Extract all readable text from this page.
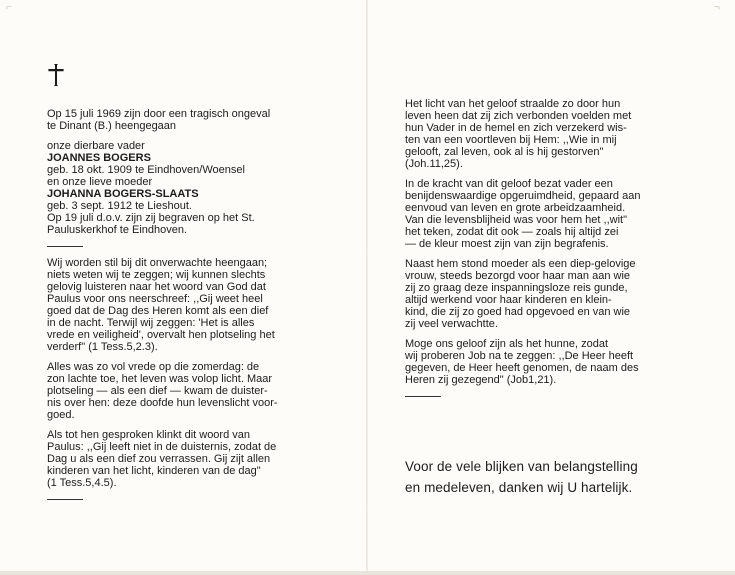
⌐	¬

Op 15 juli 1969 zijn door een tragisch ongeval

te Dinant (B.) heengegaan

onze dierbare vader

JOANNES BOGERS

geb. 18 okt. 1909 te Eindhoven/Woensel

en onze lieve moeder

JOHANNA BOGERS-SLAATS

geb. 3 sept. 1912 te Lieshout.

Op 19 juli d.o.v. zijn zij begraven op het St.

Pauluskerkhof te Eindhoven.

Wij worden stil bij dit onverwachte heengaan;

niets weten wij te zeggen; wij kunnen slechts

gelovig luisteren naar het woord van God dat

Paulus voor ons neerschreef: ,,Gij weet heel

goed dat de Dag des Heren komt als een dief

in de nacht. Terwijl wij zeggen: 'Het is alles

vrede en veiligheid', overvalt hen plotseling het

verderf" (1 Tess.5,2.3).

Alles was zo vol vrede op die zomerdag: de

zon lachte toe, het leven was volop licht. Maar

plotseling — als een dief — kwam de duister-

nis over hen: deze doofde hun levenslicht voor-

goed.

Als tot hen gesproken klinkt dit woord van

Paulus: ,,Gij leeft niet in de duisternis, zodat de

Dag u als een dief zou verrassen. Gij zijt allen

kinderen van het licht, kinderen van de dag"

(1 Tess.5,4.5).

Het licht van het geloof straalde zo door hun

leven heen dat zij zich verbonden voelden met

hun Vader in de hemel en zich verzekerd wis-

ten van een voortleven bij Hem: ,,Wie in mij

gelooft, zal leven, ook al is hij gestorven"

(Joh.11,25).

In de kracht van dit geloof bezat vader een

benijdenswaardige opgeruimdheid, gepaard aan

eenvoud van leven en grote arbeidzaamheid.

Van die levensblijheid was voor hem het ,,wit"

het teken, zodat dit ook — zoals hij altijd zei

— de kleur moest zijn van zijn begrafenis.

Naast hem stond moeder als een diep-gelovige

vrouw, steeds bezorgd voor haar man aan wie

zij zo graag deze inspanningsloze reis gunde,

altijd werkend voor haar kinderen en klein-

kind, die zij zo goed had opgevoed en van wie

zij veel verwachtte.

Moge ons geloof zijn als het hunne, zodat

wij proberen Job na te zeggen: ,,De Heer heeft

gegeven, de Heer heeft genomen, de naam des

Heren zij gezegend" (Job1,21).

Voor de vele blijken van belangstelling

en medeleven, danken wij U hartelijk.
